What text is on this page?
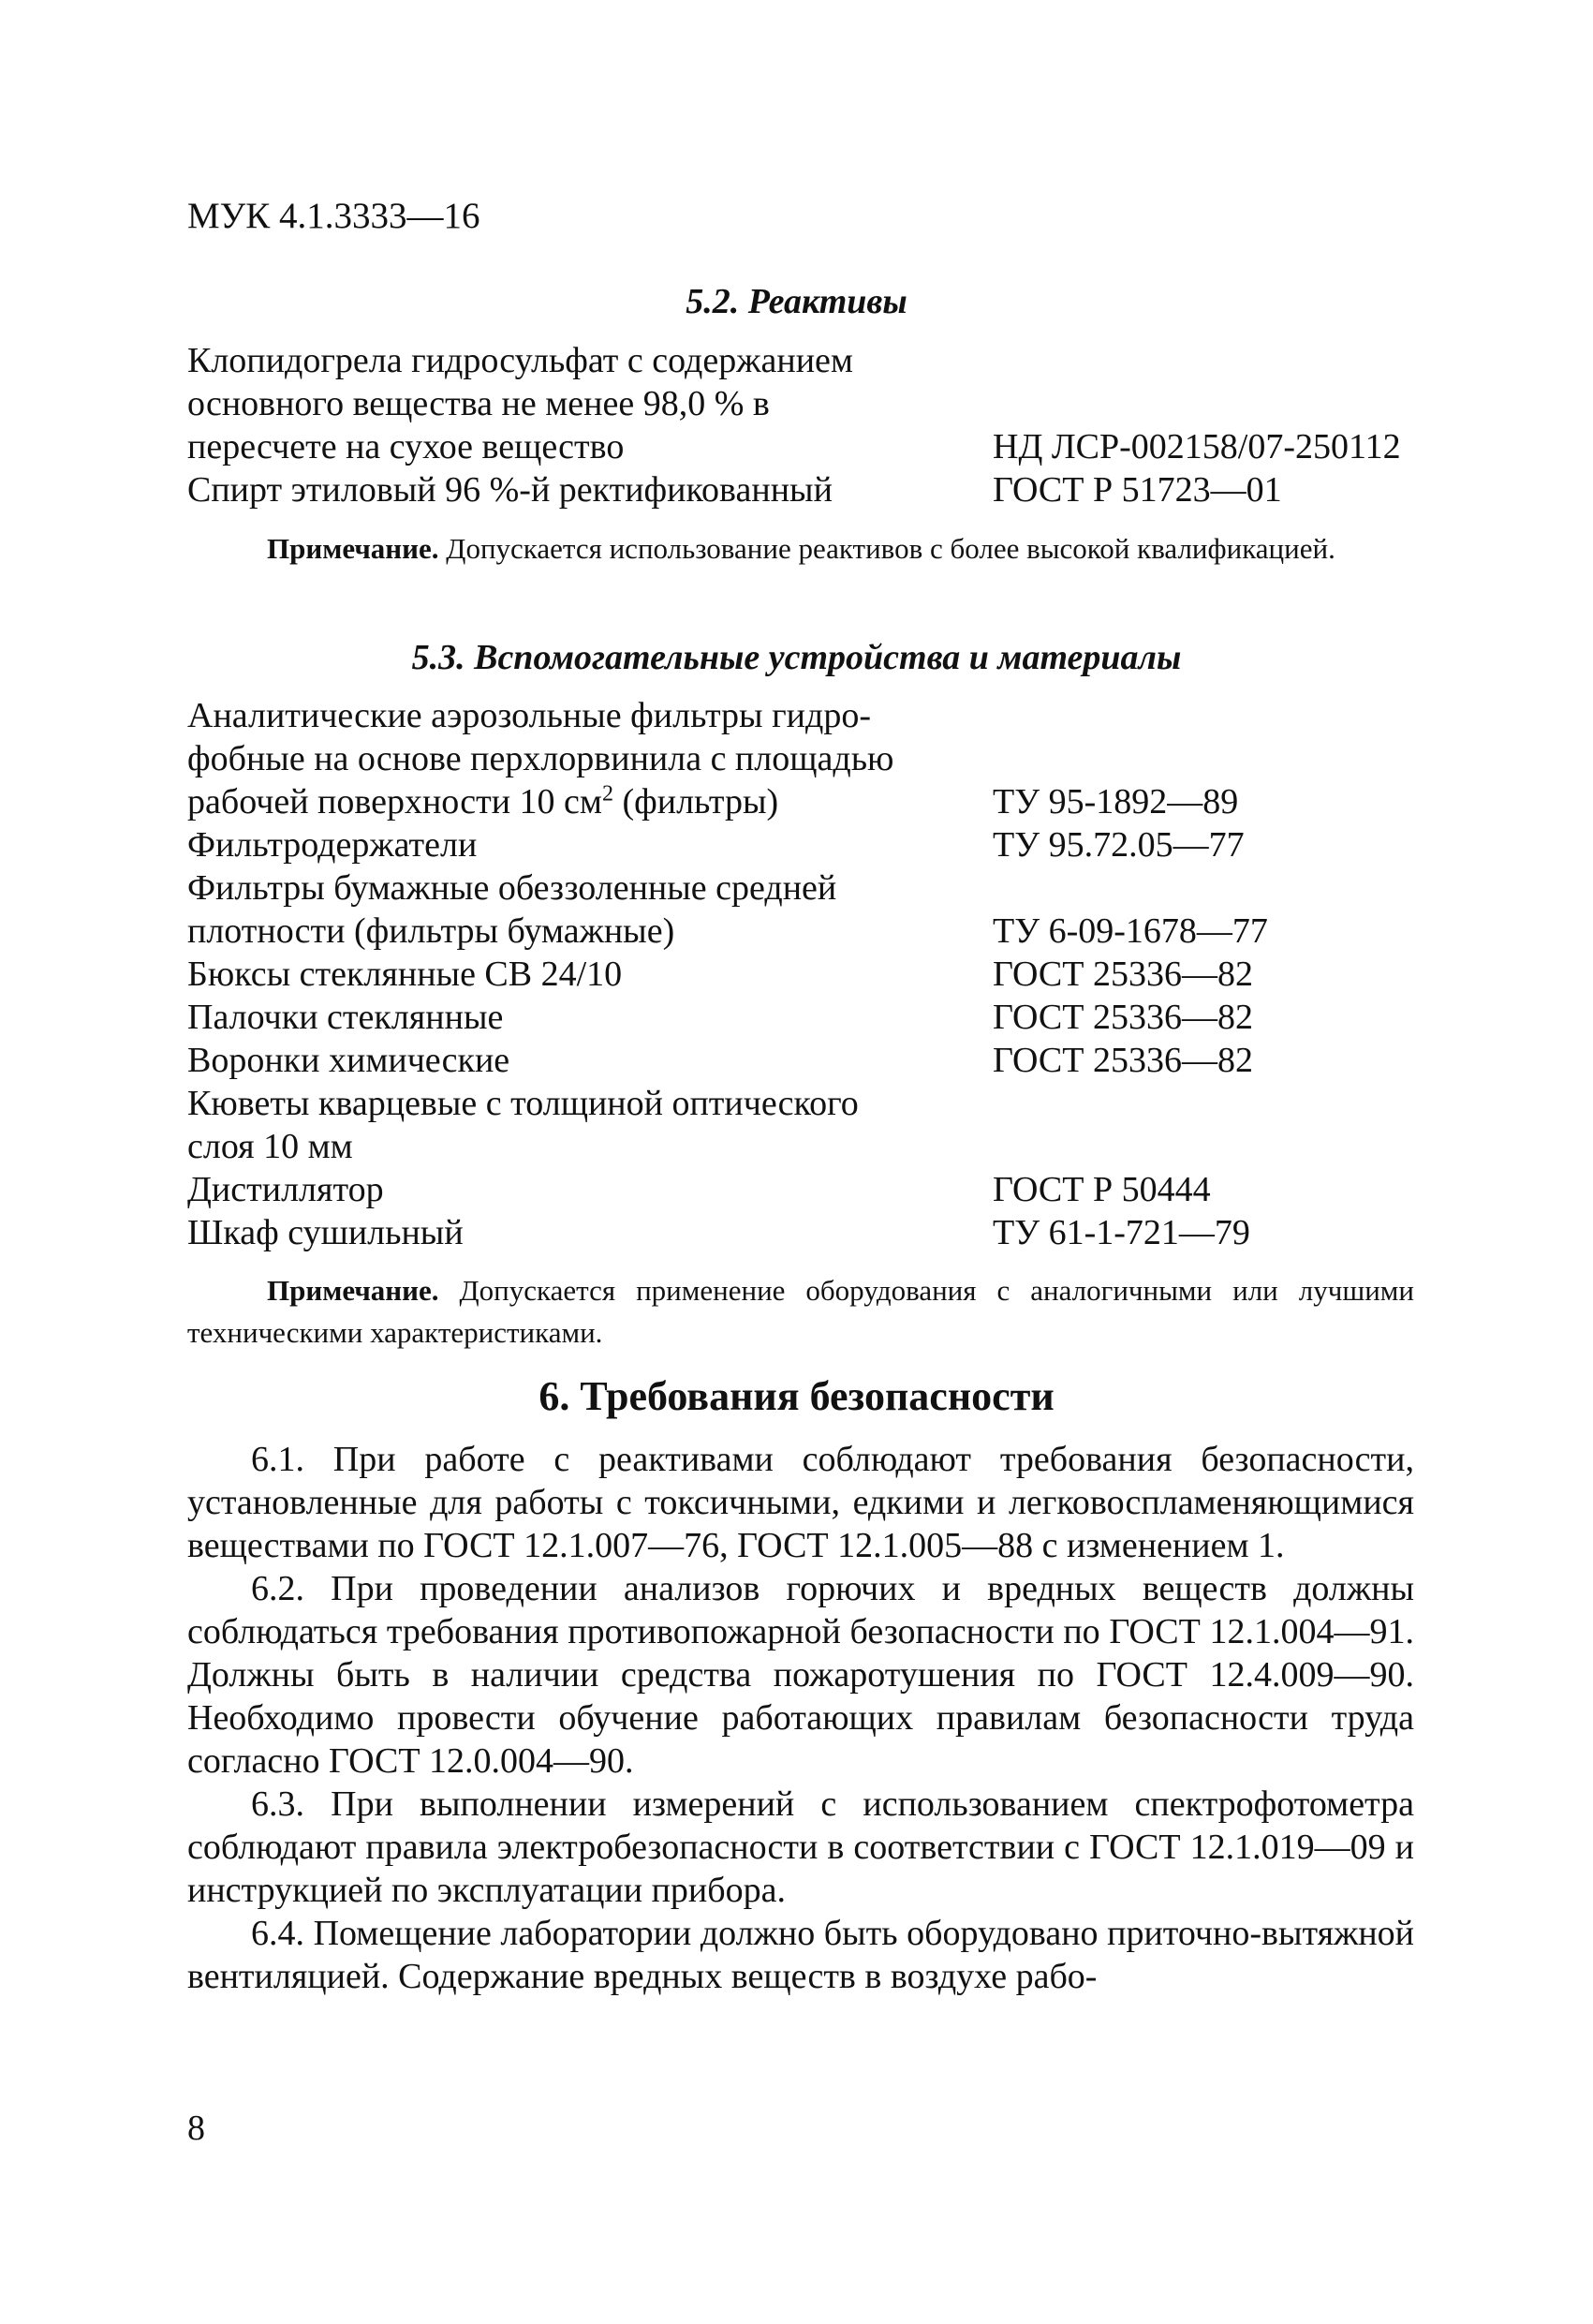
МУК 4.1.3333—16
5.2. Реактивы
Клопидогрела гидросульфат с содержанием
основного вещества не менее 98,0 % в
пересчете на сухое вещество	НД ЛСР-002158/07-250112
Спирт этиловый 96 %-й ректификованный	ГОСТ Р 51723—01

Примечание. Допускается использование реактивов с более высокой квалификацией.

5.3. Вспомогательные устройства и материалы
Аналитические аэрозольные фильтры гидро-
фобные на основе перхлорвинила с площадью
рабочей поверхности 10 $см^2$ (фильтры)	ТУ 95-1892—89
Фильтродержатели	ТУ 95.72.05—77
Фильтры бумажные обеззоленные средней
плотности (фильтры бумажные)	ТУ 6-09-1678—77
Бюксы стеклянные СВ 24/10	ГОСТ 25336—82
Палочки стеклянные	ГОСТ 25336—82
Воронки химические	ГОСТ 25336—82
Кюветы кварцевые с толщиной оптического
слоя 10 мм
Дистиллятор	ГОСТ Р 50444
Шкаф сушильный	ТУ 61-1-721—79

Примечание. Допускается применение оборудования с аналогичными или лучшими техническими характеристиками.

6. Требования безопасности

6.1. При работе с реактивами соблюдают требования безопасности, установленные для работы с токсичными, едкими и легковоспламеняющимися веществами по ГОСТ 12.1.007—76, ГОСТ 12.1.005—88 с изменением 1.

6.2. При проведении анализов горючих и вредных веществ должны соблюдаться требования противопожарной безопасности по ГОСТ 12.1.004—91. Должны быть в наличии средства пожаротушения по ГОСТ 12.4.009—90. Необходимо провести обучение работающих правилам безопасности труда согласно ГОСТ 12.0.004—90.

6.3. При выполнении измерений с использованием спектрофотометра соблюдают правила электробезопасности в соответствии с ГОСТ 12.1.019—09 и инструкцией по эксплуатации прибора.

6.4. Помещение лаборатории должно быть оборудовано приточно-вытяжной вентиляцией. Содержание вредных веществ в воздухе рабо-

8
